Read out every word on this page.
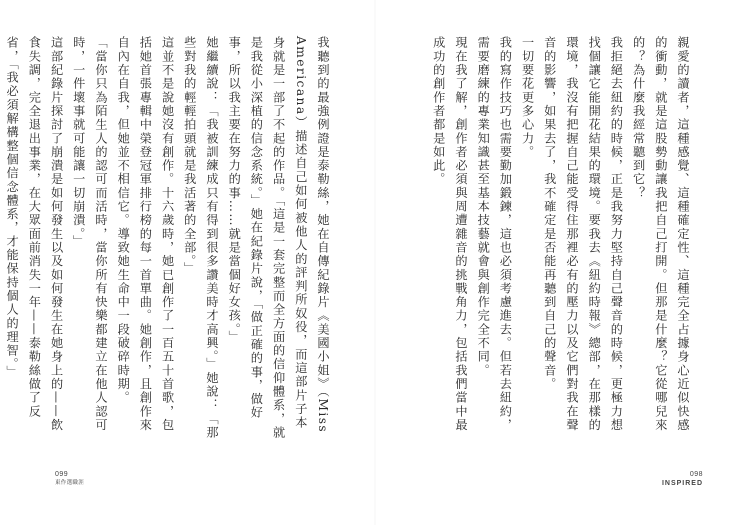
我聽到的最強例證是泰勒絲，她在自傳紀錄片《美國小姐》（Miss Americana）描述自己如何被他人的評判所奴役，而這部片子本身就是一部了不起的作品。「這是一套完整而全方面的信仰體系，就是我從小深植的信念系統。」她在紀錄片說，「做正確的事，做好事，所以我主要在努力的事……就是當個好女孩。」
她繼續說：「我被訓練成只有得到很多讚美時才高興。」她說：「那些對我的輕輕拍頭就是我活著的全部。」
這並不是說她沒有創作。十六歲時，她已創作了一百五十首歌，包括她首張專輯中榮登冠軍排行榜的每一首單曲。她創作，且創作來自內在自我，但她並不相信它。導致她生命中一段破碎時期。
「當你只為陌生人的認可而活時，當你所有快樂都建立在他人認可時，一件壞事就可能讓一切崩潰。」
這部紀錄片探討了崩潰是如何發生以及如何發生在她身上的——飲食失調，完全退出事業，在大眾面前消失一年——泰勒絲做了反省，「我必須解構整個信念體系，才能保持個人的理智。」

099
東作選職涯

親愛的讀者，這種感覺、這種確定性、這種完全占據身心近似快感的衝動，就是這股勢動讓我把自己打開。但那是什麼？它從哪兒來的？為什麼我經常聽到它？
我拒絕去紐約的時候，正是我努力堅持自己聲音的時候，更極力想找個讓它能開花結果的環境。要我去《紐約時報》總部，在那樣的環境，我沒有把握自己能受得住那裡必有的壓力以及它們對我在聲音的影響，如果去了，我不確定是否能再聽到自己的聲音。
一切要花更多心力。
我的寫作技巧也需要勤加鍛鍊，這也必須考慮進去。但若去紐約，需要磨練的專業知識甚至基本技藝就會與創作完全不同。
現在我了解，創作者必須與周遭雜音的挑戰角力，包括我們當中最成功的創作者都是如此。

098
INSPIRED
